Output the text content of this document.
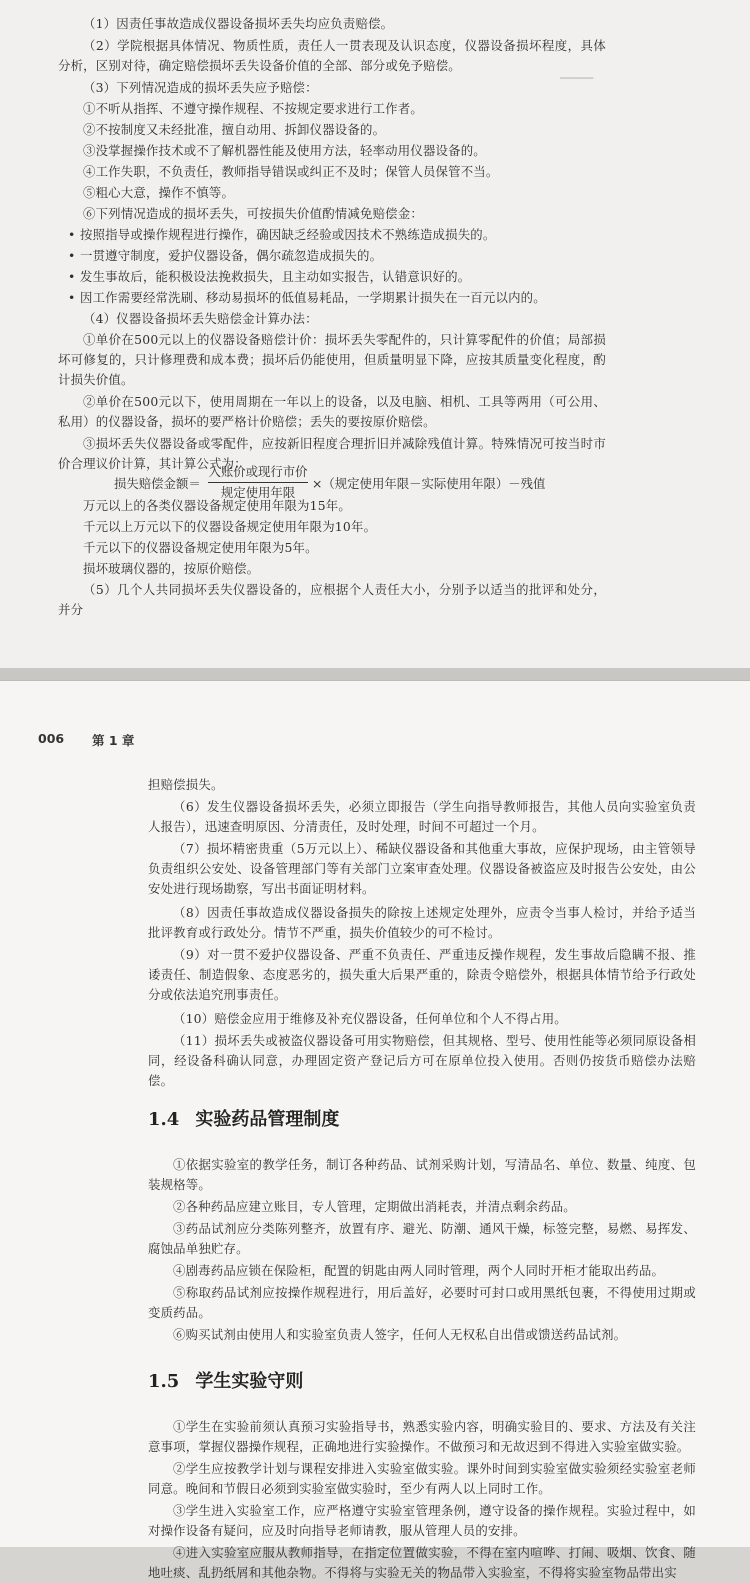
━━━━━

（1）因责任事故造成仪器设备损坏丢失均应负责赔偿。

（2）学院根据具体情况、物质性质，责任人一贯表现及认识态度，仪器设备损坏程度，具体分析，区别对待，确定赔偿损坏丢失设备价值的全部、部分或免予赔偿。

（3）下列情况造成的损坏丢失应予赔偿：

①不听从指挥、不遵守操作规程、不按规定要求进行工作者。

②不按制度又未经批准，擅自动用、拆卸仪器设备的。

③没掌握操作技术或不了解机器性能及使用方法，轻率动用仪器设备的。

④工作失职，不负责任，教师指导错误或纠正不及时；保管人员保管不当。

⑤粗心大意，操作不慎等。

⑥下列情况造成的损坏丢失，可按损失价值酌情减免赔偿金：

• 按照指导或操作规程进行操作，确因缺乏经验或因技术不熟练造成损失的。

• 一贯遵守制度，爱护仪器设备，偶尔疏忽造成损失的。

• 发生事故后，能积极设法挽救损失，且主动如实报告，认错意识好的。

• 因工作需要经常洗刷、移动易损坏的低值易耗品，一学期累计损失在一百元以内的。

（4）仪器设备损坏丢失赔偿金计算办法：

①单价在500元以上的仪器设备赔偿计价：损坏丢失零配件的，只计算零配件的价值；局部损坏可修复的，只计修理费和成本费；损坏后仍能使用，但质量明显下降，应按其质量变化程度，酌计损失价值。

②单价在500元以下，使用周期在一年以上的设备，以及电脑、相机、工具等两用（可公用、私用）的仪器设备，损坏的要严格计价赔偿；丢失的要按原价赔偿。

③损坏丢失仪器设备或零配件，应按新旧程度合理折旧并减除残值计算。特殊情况可按当时市价合理议价计算，其计算公式为：

损失赔偿金额＝
入账价或现行市价
规定使用年限
×（规定使用年限－实际使用年限）－残值

万元以上的各类仪器设备规定使用年限为15年。

千元以上万元以下的仪器设备规定使用年限为10年。

千元以下的仪器设备规定使用年限为5年。

损坏玻璃仪器的，按原价赔偿。

（5）几个人共同损坏丢失仪器设备的，应根据个人责任大小，分别予以适当的批评和处分，并分

006 第 1 章

担赔偿损失。

（6）发生仪器设备损坏丢失，必须立即报告（学生向指导教师报告，其他人员向实验室负责人报告），迅速查明原因、分清责任，及时处理，时间不可超过一个月。

（7）损坏精密贵重（5万元以上）、稀缺仪器设备和其他重大事故，应保护现场，由主管领导负责组织公安处、设备管理部门等有关部门立案审查处理。仪器设备被盗应及时报告公安处，由公安处进行现场勘察，写出书面证明材料。

（8）因责任事故造成仪器设备损失的除按上述规定处理外，应责令当事人检讨，并给予适当批评教育或行政处分。情节不严重，损失价值较少的可不检讨。

（9）对一贯不爱护仪器设备、严重不负责任、严重违反操作规程，发生事故后隐瞒不报、推诿责任、制造假象、态度恶劣的，损失重大后果严重的，除责令赔偿外，根据具体情节给予行政处分或依法追究刑事责任。

（10）赔偿金应用于维修及补充仪器设备，任何单位和个人不得占用。

（11）损坏丢失或被盗仪器设备可用实物赔偿，但其规格、型号、使用性能等必须同原设备相同，经设备科确认同意，办理固定资产登记后方可在原单位投入使用。否则仍按货币赔偿办法赔偿。

1.4 实验药品管理制度

①依据实验室的教学任务，制订各种药品、试剂采购计划，写清品名、单位、数量、纯度、包装规格等。

②各种药品应建立账目，专人管理，定期做出消耗表，并清点剩余药品。

③药品试剂应分类陈列整齐，放置有序、避光、防潮、通风干燥，标签完整，易燃、易挥发、腐蚀品单独贮存。

④剧毒药品应锁在保险柜，配置的钥匙由两人同时管理，两个人同时开柜才能取出药品。

⑤称取药品试剂应按操作规程进行，用后盖好，必要时可封口或用黑纸包裹，不得使用过期或变质药品。

⑥购买试剂由使用人和实验室负责人签字，任何人无权私自出借或馈送药品试剂。

1.5 学生实验守则

①学生在实验前须认真预习实验指导书，熟悉实验内容，明确实验目的、要求、方法及有关注意事项，掌握仪器操作规程，正确地进行实验操作。不做预习和无故迟到不得进入实验室做实验。

②学生应按教学计划与课程安排进入实验室做实验。课外时间到实验室做实验须经实验室老师同意。晚间和节假日必须到实验室做实验时，至少有两人以上同时工作。

③学生进入实验室工作，应严格遵守实验室管理条例，遵守设备的操作规程。实验过程中，如对操作设备有疑问，应及时向指导老师请教，服从管理人员的安排。

④进入实验室应服从教师指导，在指定位置做实验，不得在室内喧哗、打闹、吸烟、饮食、随地吐痰、乱扔纸屑和其他杂物。不得将与实验无关的物品带入实验室，不得将实验室物品带出实
